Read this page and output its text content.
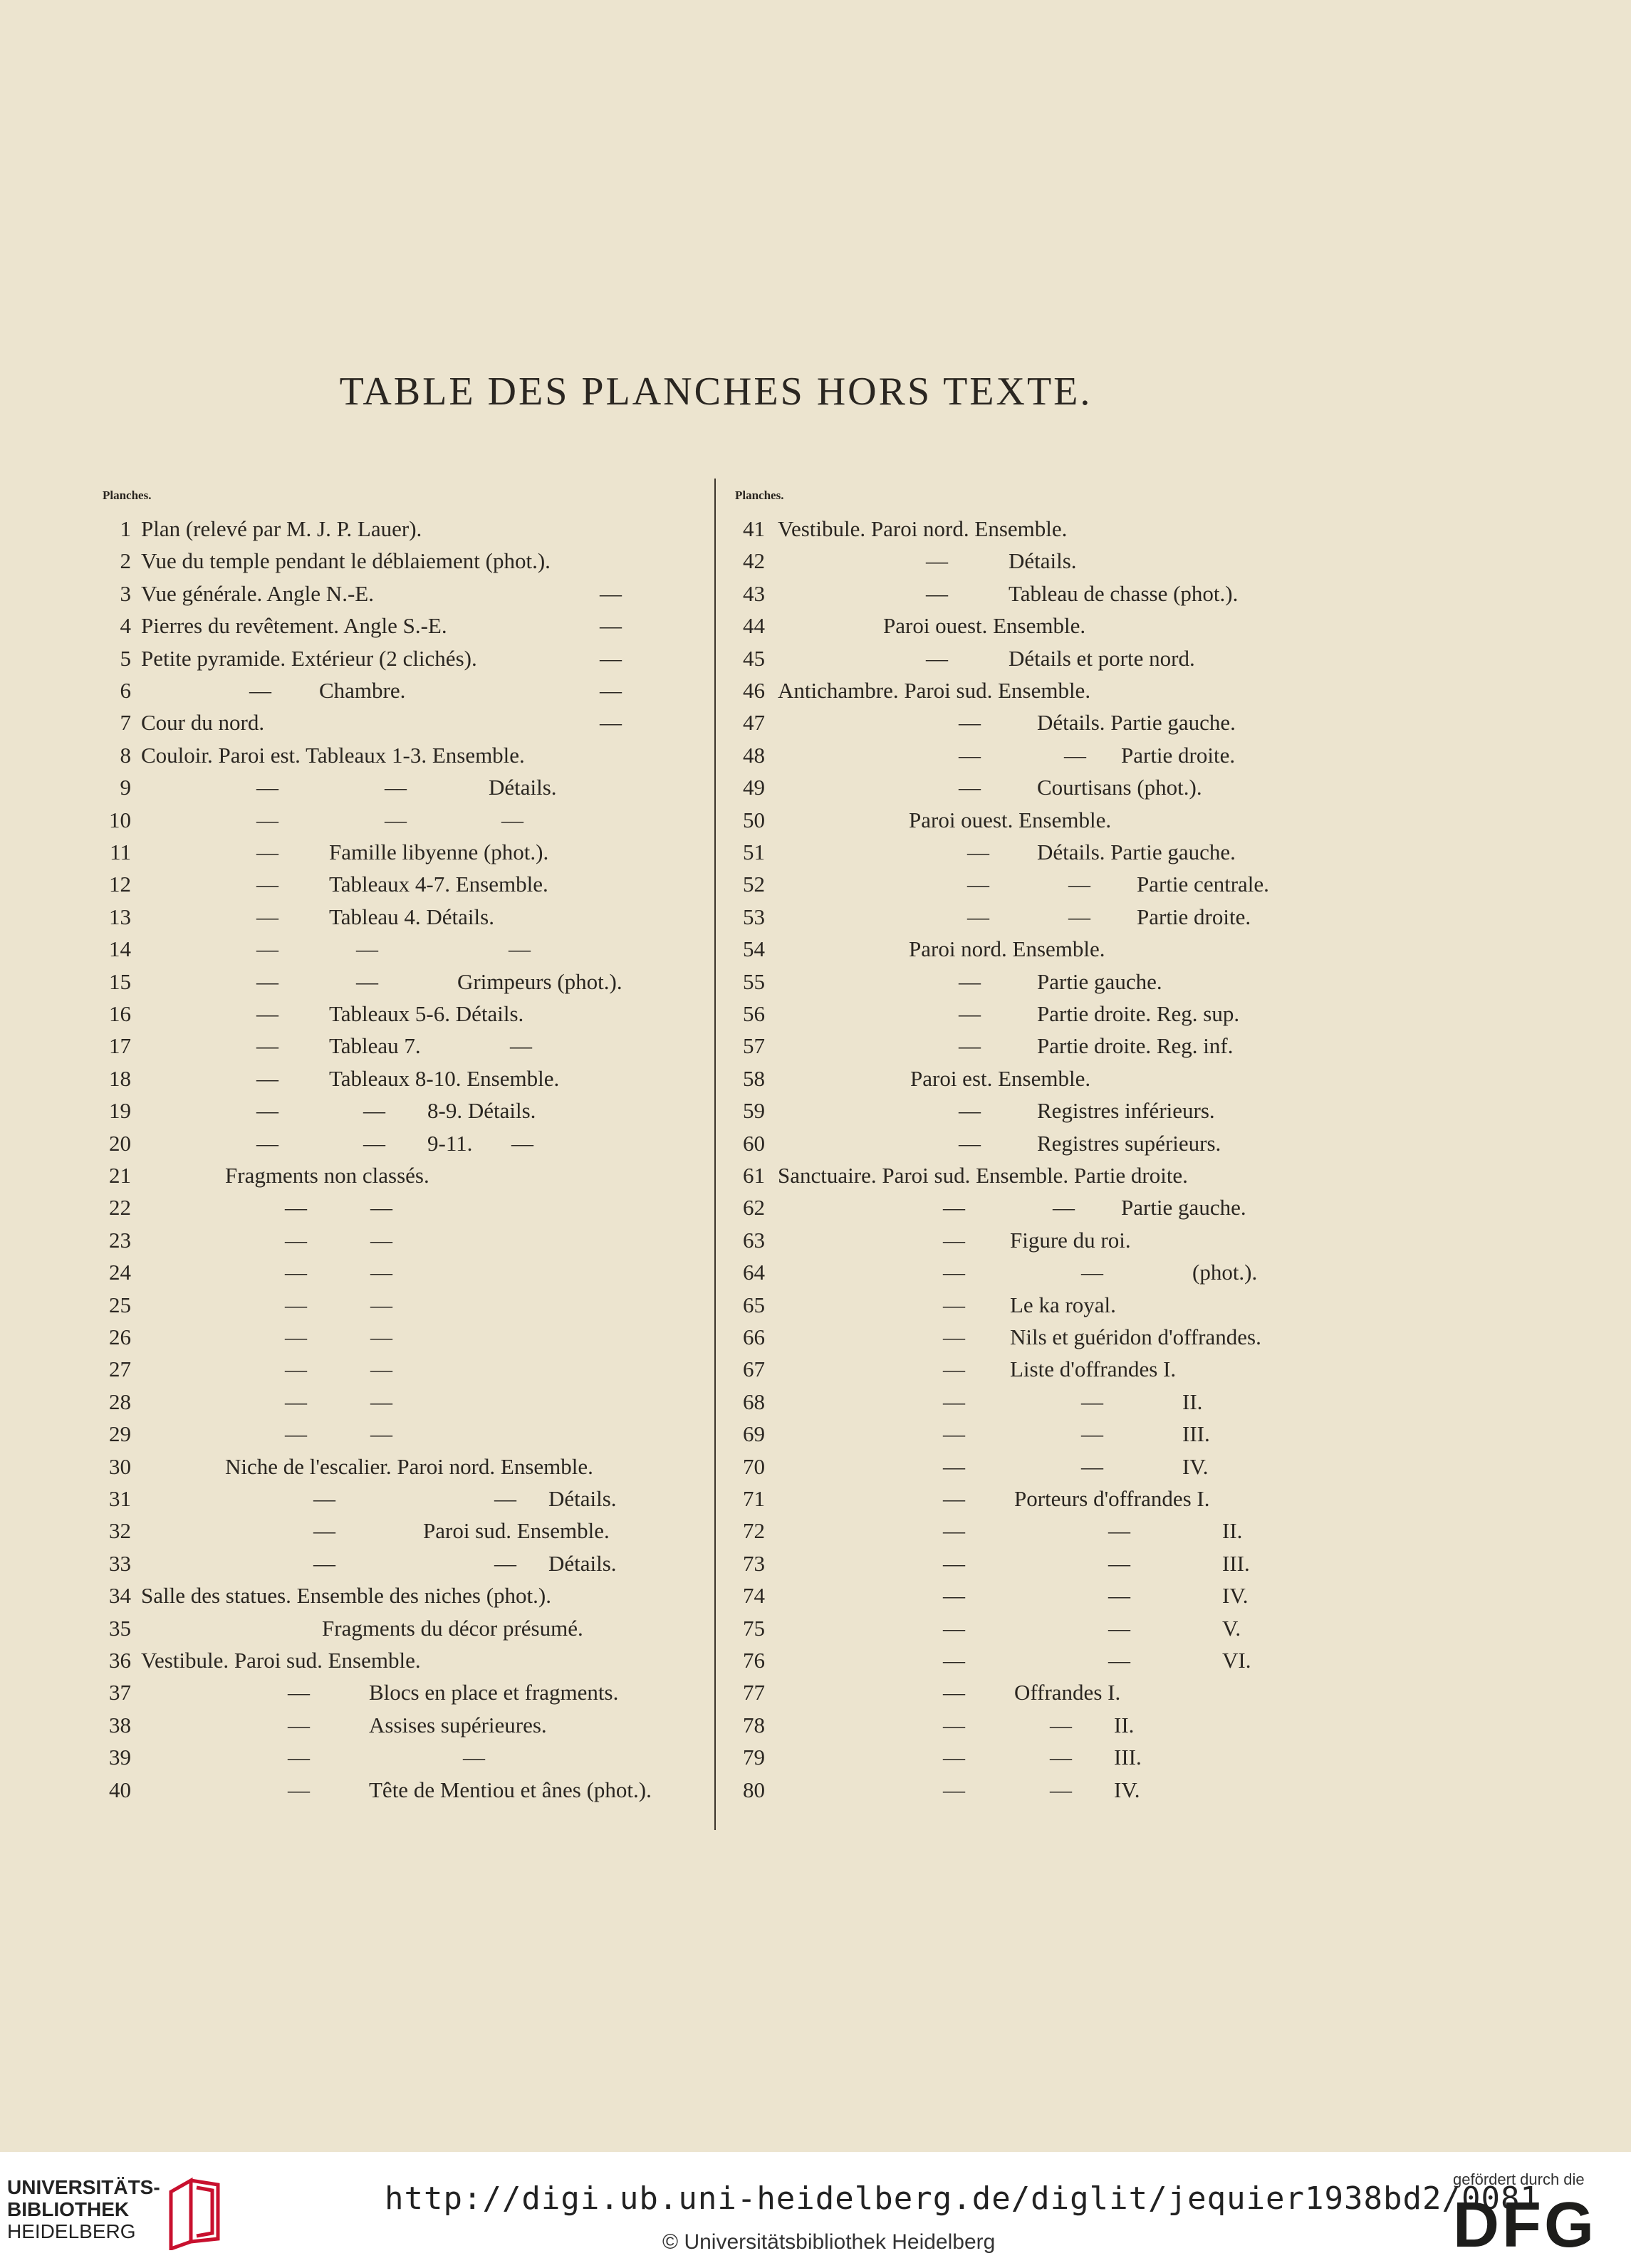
TABLE DES PLANCHES HORS TEXTE.
Planches.	Planches.
1 Plan (relevé par M. J. P. Lauer).
2 Vue du temple pendant le déblaiement (phot.).
3 Vue générale. Angle N.-E.	—
4 Pierres du revêtement. Angle S.-E.	—
5 Petite pyramide. Extérieur (2 clichés).	—
6	— Chambre.	—
7 Cour du nord.	—
8 Couloir. Paroi est. Tableaux 1-3. Ensemble.
9	—	—	Détails.
10	—	—	—
11	— Famille libyenne (phot.).
12	— Tableaux 4-7. Ensemble.
13	— Tableau 4. Détails.
14	—	—	—
15	—	—	Grimpeurs (phot.).
16	— Tableaux 5-6. Détails.
17	— Tableau 7.	—
18	— Tableaux 8-10. Ensemble.
19	—	— 8-9. Détails.
20	—	— 9-11. —
21	Fragments non classés.
22	—	—
23	—	—
24	—	—
25	—	—
26	—	—
27	—	—
28	—	—
29	—	—
30	Niche de l'escalier. Paroi nord. Ensemble.
31	—	— Détails.
32	—	Paroi sud. Ensemble.
33	—	— Détails.
34 Salle des statues. Ensemble des niches (phot.).
35	Fragments du décor présumé.
36 Vestibule. Paroi sud. Ensemble.
37	—	Blocs en place et fragments.
38	—	Assises supérieures.
39	—	—
40	—	Tête de Mentiou et ânes (phot.).
41 Vestibule. Paroi nord. Ensemble.
42	—	Détails.
43	—	Tableau de chasse (phot.).
44	Paroi ouest. Ensemble.
45	—	Détails et porte nord.
46 Antichambre. Paroi sud. Ensemble.
47	—	Détails. Partie gauche.
48	—	— Partie droite.
49	—	Courtisans (phot.).
50	Paroi ouest. Ensemble.
51	— Détails. Partie gauche.
52	—	— Partie centrale.
53	—	— Partie droite.
54	Paroi nord. Ensemble.
55	—	Partie gauche.
56	—	Partie droite. Reg. sup.
57	—	Partie droite. Reg. inf.
58	Paroi est. Ensemble.
59	—	Registres inférieurs.
60	—	Registres supérieurs.
61 Sanctuaire. Paroi sud. Ensemble. Partie droite.
62	—	— Partie gauche.
63	— Figure du roi.
64	—	—	(phot.).
65	— Le ka royal.
66	— Nils et guéridon d'offrandes.
67	— Liste d'offrandes I.
68	—	—	II.
69	—	—	III.
70	—	—	IV.
71	— Porteurs d'offrandes I.
72	—	—	II.
73	—	—	III.
74	—	—	IV.
75	—	—	V.
76	—	—	VI.
77	— Offrandes I.
78	—	— II.
79	—	— III.
80	—	— IV.
UNIVERSITÄTS-
BIBLIOTHEK
HEIDELBERG
http://digi.ub.uni-heidelberg.de/diglit/jequier1938bd2/0081
© Universitätsbibliothek Heidelberg
gefördert durch die
DFG
